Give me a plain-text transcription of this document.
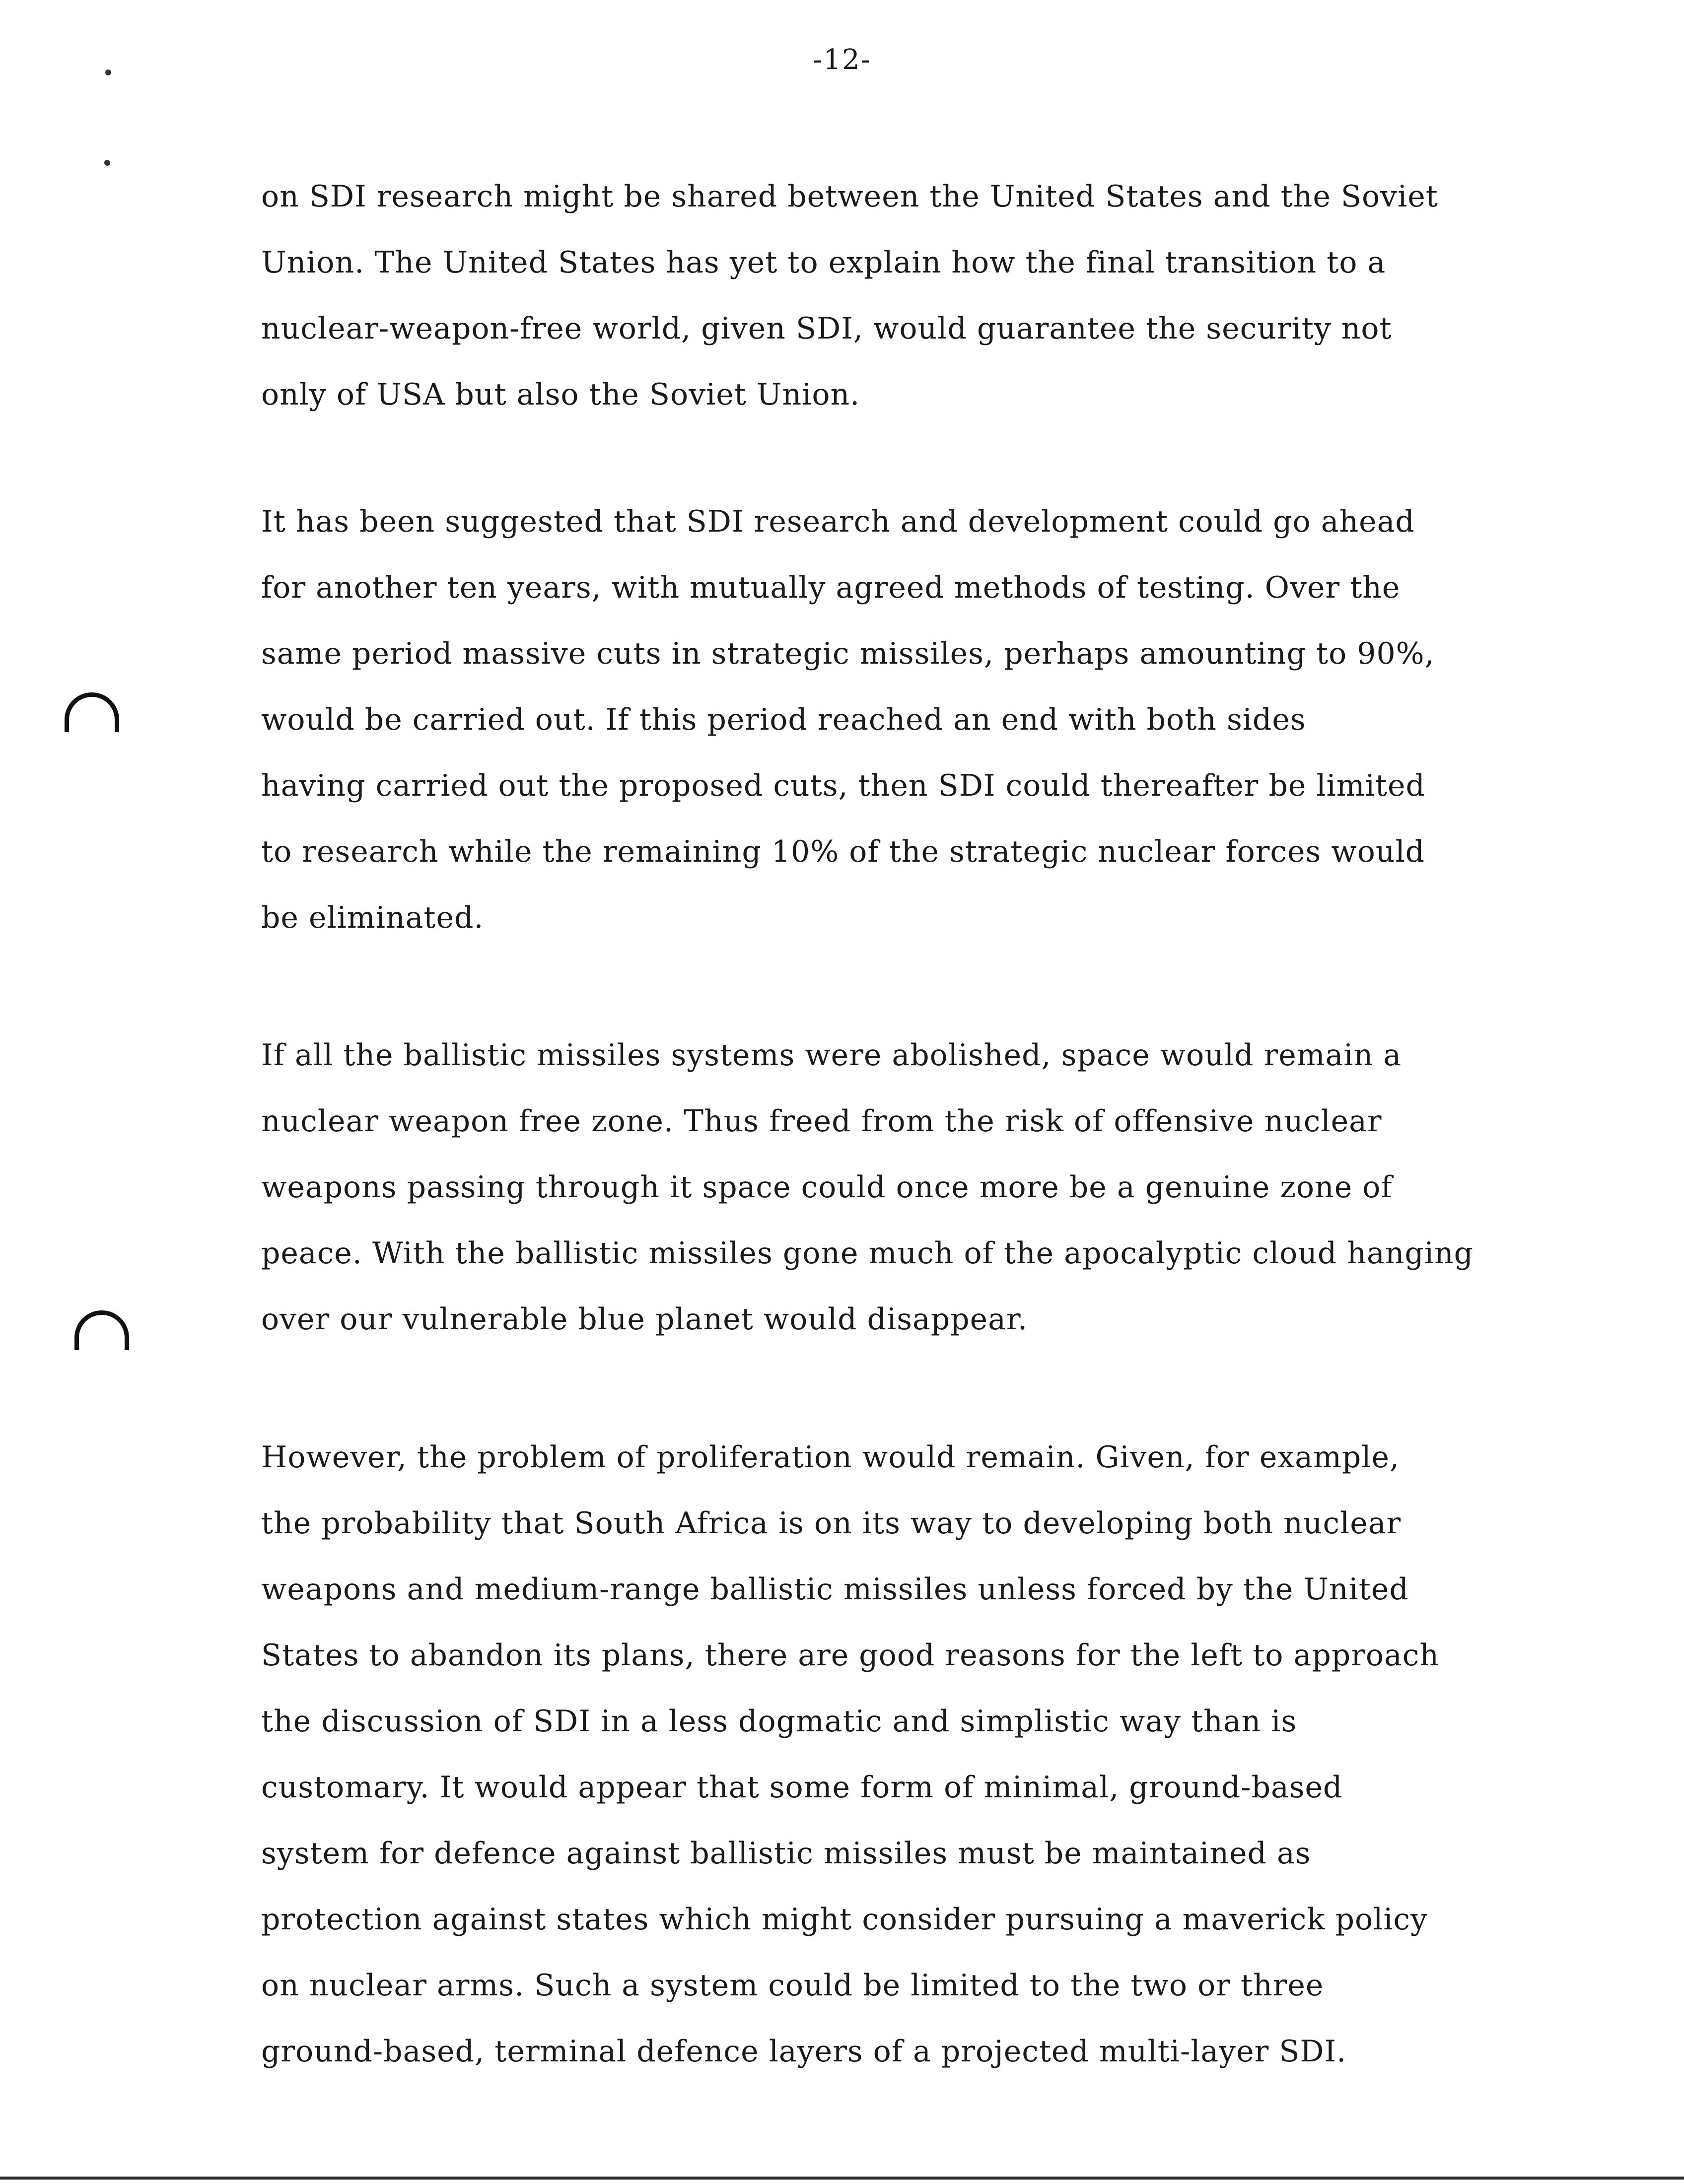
-12-
on SDI research might be shared between the United States and the Soviet
Union. The United States has yet to explain how the final transition to a
nuclear-weapon-free world, given SDI, would guarantee the security not
only of USA but also the Soviet Union.
It has been suggested that SDI research and development could go ahead
for another ten years, with mutually agreed methods of testing. Over the
same period massive cuts in strategic missiles, perhaps amounting to 90%,
would be carried out. If this period reached an end with both sides
having carried out the proposed cuts, then SDI could thereafter be limited
to research while the remaining 10% of the strategic nuclear forces would
be eliminated.
If all the ballistic missiles systems were abolished, space would remain a
nuclear weapon free zone. Thus freed from the risk of offensive nuclear
weapons passing through it space could once more be a genuine zone of
peace. With the ballistic missiles gone much of the apocalyptic cloud hanging
over our vulnerable blue planet would disappear.
However, the problem of proliferation would remain. Given, for example,
the probability that South Africa is on its way to developing both nuclear
weapons and medium-range ballistic missiles unless forced by the United
States to abandon its plans, there are good reasons for the left to approach
the discussion of SDI in a less dogmatic and simplistic way than is
customary. It would appear that some form of minimal, ground-based
system for defence against ballistic missiles must be maintained as
protection against states which might consider pursuing a maverick policy
on nuclear arms. Such a system could be limited to the two or three
ground-based, terminal defence layers of a projected multi-layer SDI.
